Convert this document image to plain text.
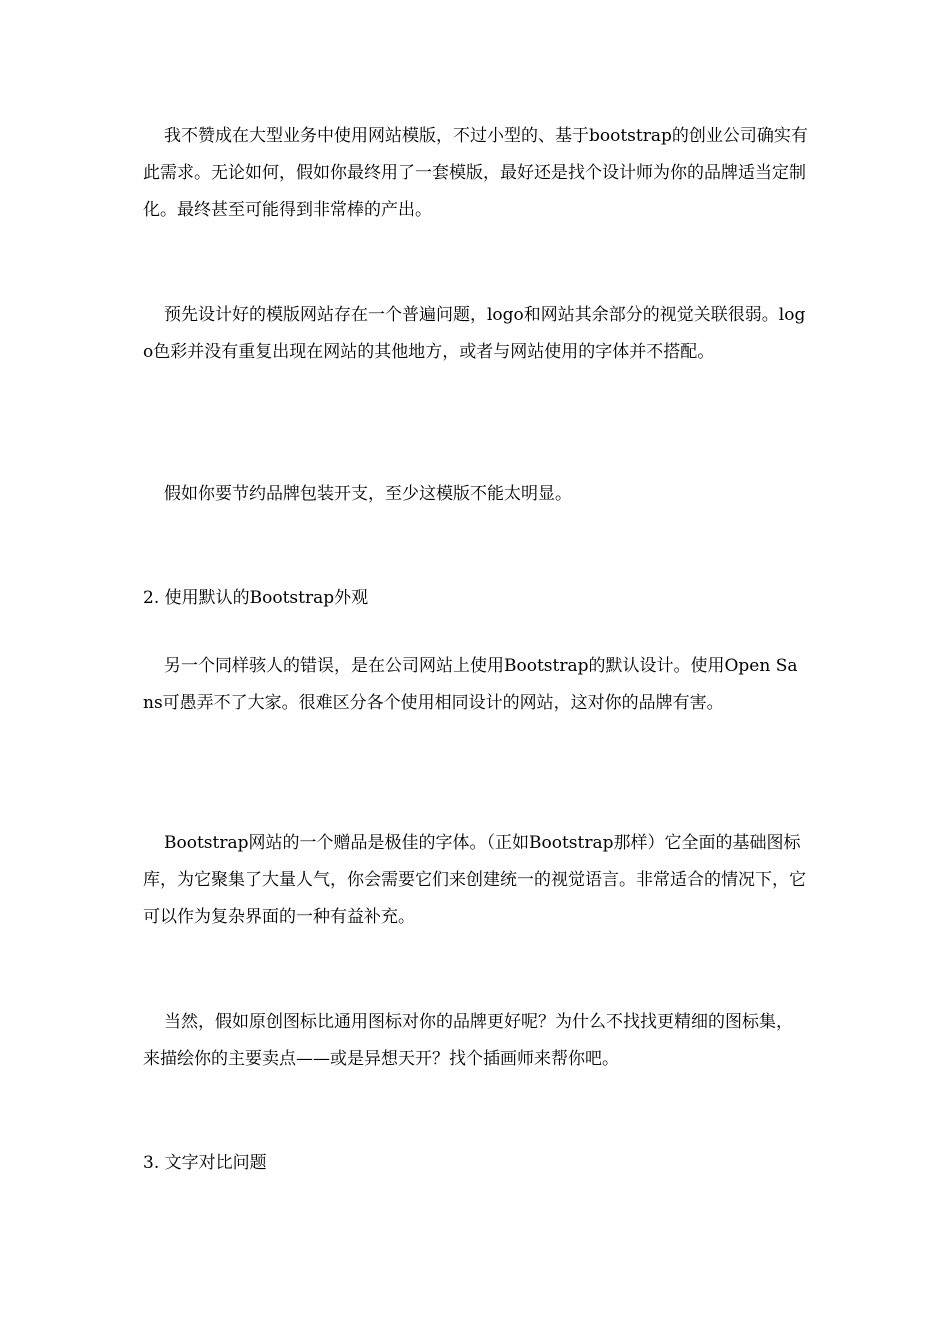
我不赞成在大型业务中使用网站模版，不过小型的、基于bootstrap的创业公司确实有此需求。无论如何，假如你最终用了一套模版，最好还是找个设计师为你的品牌适当定制化。最终甚至可能得到非常棒的产出。

预先设计好的模版网站存在一个普遍问题，logo和网站其余部分的视觉关联很弱。logo色彩并没有重复出现在网站的其他地方，或者与网站使用的字体并不搭配。

假如你要节约品牌包装开支，至少这模版不能太明显。

2. 使用默认的Bootstrap外观

另一个同样骇人的错误，是在公司网站上使用Bootstrap的默认设计。使用Open Sans可愚弄不了大家。很难区分各个使用相同设计的网站，这对你的品牌有害。

Bootstrap网站的一个赠品是极佳的字体。（正如Bootstrap那样）它全面的基础图标库，为它聚集了大量人气，你会需要它们来创建统一的视觉语言。非常适合的情况下，它可以作为复杂界面的一种有益补充。

当然，假如原创图标比通用图标对你的品牌更好呢？为什么不找找更精细的图标集，来描绘你的主要卖点——或是异想天开？找个插画师来帮你吧。

3. 文字对比问题
